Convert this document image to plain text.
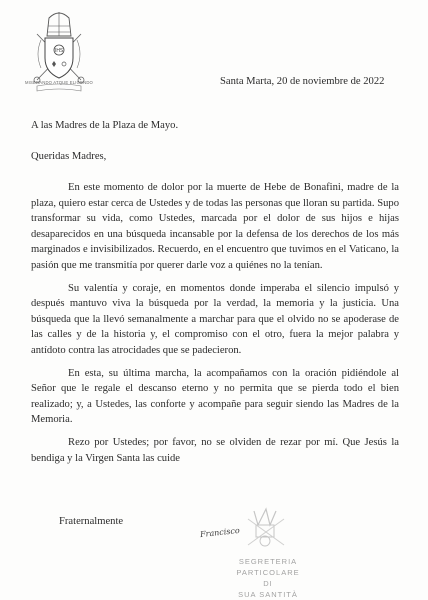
IHS
MISERANDO ATQUE ELIGENDO	Santa Marta, 20 de noviembre de 2022
A las Madres de la Plaza de Mayo.
Queridas Madres,

En este momento de dolor por la muerte de Hebe de Bonafini, madre de la plaza, quiero estar cerca de Ustedes y de todas las personas que lloran su partida. Supo transformar su vida, como Ustedes, marcada por el dolor de sus hijos e hijas desaparecidos en una búsqueda incansable por la defensa de los derechos de los más marginados e invisibilizados. Recuerdo, en el encuentro que tuvimos en el Vaticano, la pasión que me transmitía por querer darle voz a quiénes no la tenían.

Su valentía y coraje, en momentos donde imperaba el silencio impulsó y después mantuvo viva la búsqueda por la verdad, la memoria y la justicia. Una búsqueda que la llevó semanalmente a marchar para que el olvido no se apoderase de las calles y de la historia y, el compromiso con el otro, fuera la mejor palabra y antídoto contra las atrocidades que se padecieron.

En esta, su última marcha, la acompañamos con la oración pidiéndole al Señor que le regale el descanso eterno y no permita que se pierda todo el bien realizado; y, a Ustedes, las conforte y acompañe para seguir siendo las Madres de la Memoria.

Rezo por Ustedes; por favor, no se olviden de rezar por mí. Que Jesús la bendiga y la Virgen Santa las cuide

Fraternalmente
Francisco
SEGRETERIA PARTICOLARE
DI
SUA SANTITÀ
